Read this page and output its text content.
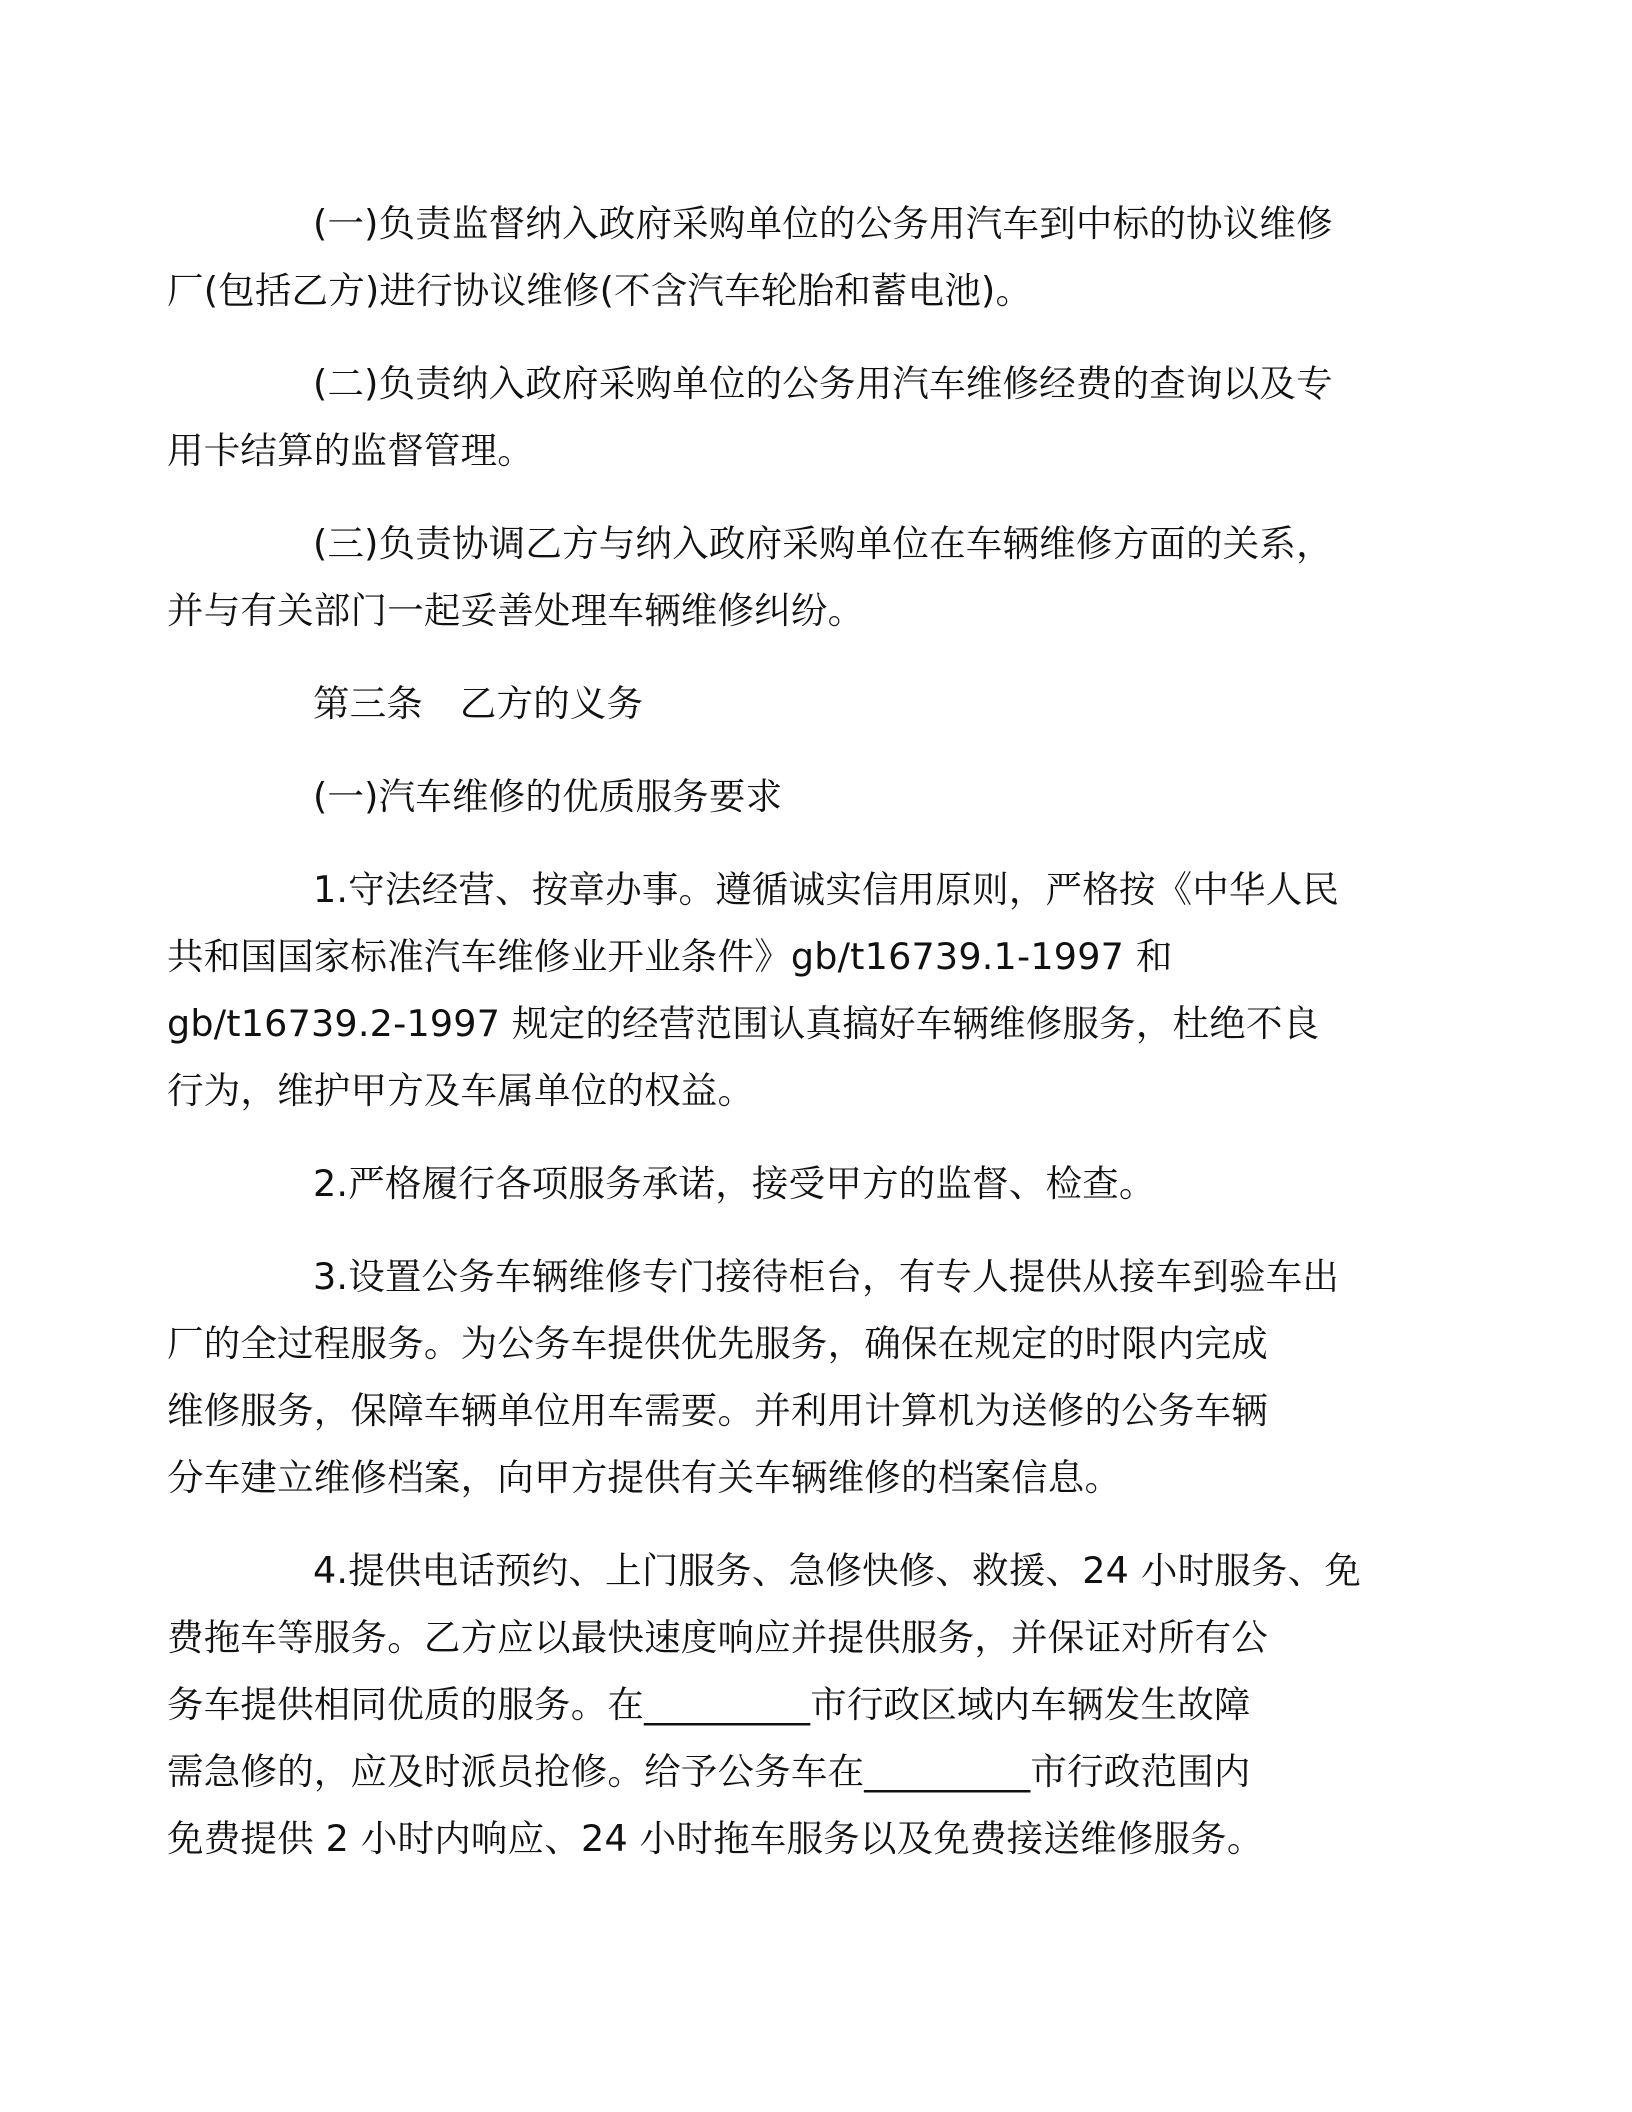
(一)负责监督纳入政府采购单位的公务用汽车到中标的协议维修
厂(包括乙方)进行协议维修(不含汽车轮胎和蓄电池)。

(二)负责纳入政府采购单位的公务用汽车维修经费的查询以及专
用卡结算的监督管理。

(三)负责协调乙方与纳入政府采购单位在车辆维修方面的关系，
并与有关部门一起妥善处理车辆维修纠纷。

第三条　乙方的义务

(一)汽车维修的优质服务要求

1.守法经营、按章办事。遵循诚实信用原则，严格按《中华人民
共和国国家标准汽车维修业开业条件》gb/t16739.1-1997 和
gb/t16739.2-1997 规定的经营范围认真搞好车辆维修服务，杜绝不良
行为，维护甲方及车属单位的权益。

2.严格履行各项服务承诺，接受甲方的监督、检查。

3.设置公务车辆维修专门接待柜台，有专人提供从接车到验车出
厂的全过程服务。为公务车提供优先服务，确保在规定的时限内完成
维修服务，保障车辆单位用车需要。并利用计算机为送修的公务车辆
分车建立维修档案，向甲方提供有关车辆维修的档案信息。

4.提供电话预约、上门服务、急修快修、救援、24 小时服务、免
费拖车等服务。乙方应以最快速度响应并提供服务，并保证对所有公
务车提供相同优质的服务。在_________市行政区域内车辆发生故障
需急修的，应及时派员抢修。给予公务车在_________市行政范围内
免费提供 2 小时内响应、24 小时拖车服务以及免费接送维修服务。
